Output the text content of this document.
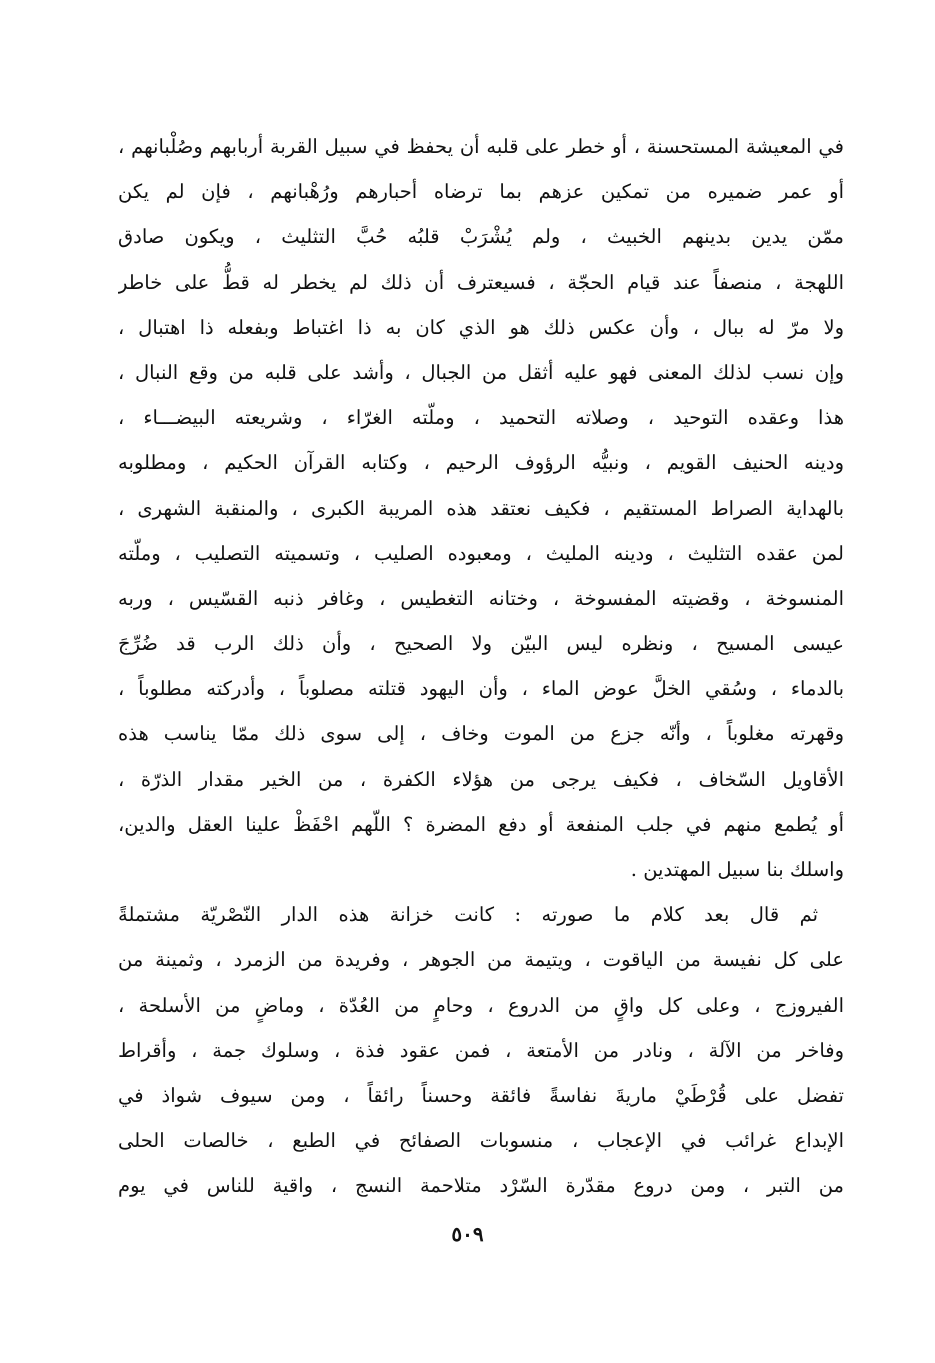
في المعيشة المستحسنة ، أو خطر على قلبه أن يحفظ في سبيل القربة أربابهم وصُلْبانهم ،
أو عمر ضميره من تمكين عزهم بما ترضاه أحبارهم ورُهْبانهم ، فإن لم يكن
ممّن يدين بدينهم الخبيث ، ولم يُشْرَبْ قلبُه حُبَّ التثليث ، ويكون صادق
اللهجة ، منصفاً عند قيام الحجّة ، فسيعترف أن ذلك لم يخطر له قطُّ على خاطر
ولا مرّ له ببال ، وأن عكس ذلك هو الذي كان به ذا اغتباط وبفعله ذا اهتبال ،
وإن نسب لذلك المعنى فهو عليه أثقل من الجبال ، وأشد على قلبه من وقع النبال ،
هذا وعقده التوحيد ، وصلاته التحميد ، وملّته الغرّاء ، وشريعته البيضـــاء ،
ودينه الحنيف القويم ، ونبيُّه الرؤوف الرحيم ، وكتابه القرآن الحكيم ، ومطلوبه
بالهداية الصراط المستقيم ، فكيف نعتقد هذه المريبة الكبرى ، والمنقبة الشهرى ،
لمن عقده التثليث ، ودينه المليث ، ومعبوده الصليب ، وتسميته التصليب ، وملّته
المنسوخة ، وقضيته المفسوخة ، وختانه التغطيس ، وغافر ذنبه القسّيس ، وربه
عيسى المسيح ، ونظره ليس البيّن ولا الصحيح ، وأن ذلك الرب قد ضُرِّجَ
بالدماء ، وسُقي الخلَّ عوض الماء ، وأن اليهود قتلته مصلوباً ، وأدركته مطلوباً ،
وقهرته مغلوباً ، وأنّه جزع من الموت وخاف ، إلى سوى ذلك ممّا يناسب هذه
الأقاويل السّخاف ، فكيف يرجى من هؤلاء الكفرة ، من الخير مقدار الذرّة ،
أو يُطمع منهم في جلب المنفعة أو دفع المضرة ؟ اللّهم احْفَظْ علينا العقل والدين،
واسلك بنا سبيل المهتدين .
ثم قال بعد كلام ما صورته : كانت خزانة هذه الدار النّصْريّة مشتملةً
على كل نفيسة من الياقوت ، ويتيمة من الجوهر ، وفريدة من الزمرد ، وثمينة من
الفيروزج ، وعلى كل واقٍ من الدروع ، وحامٍ من العُدّة ، وماضٍ من الأسلحة ،
وفاخر من الآلة ، ونادر من الأمتعة ، فمن عقود فذة ، وسلوك جمة ، وأقراط
تفضل على قُرْطَيْ ماريةَ نفاسةً فائقة وحسناً رائقاً ، ومن سيوف شواذ في
الإبداع غرائب في الإعجاب ، منسوبات الصفائح في الطبع ، خالصات الحلى
من التبر ، ومن دروع مقدّرة السّرْد متلاحمة النسج ، واقية للناس في يوم
٥٠٩
